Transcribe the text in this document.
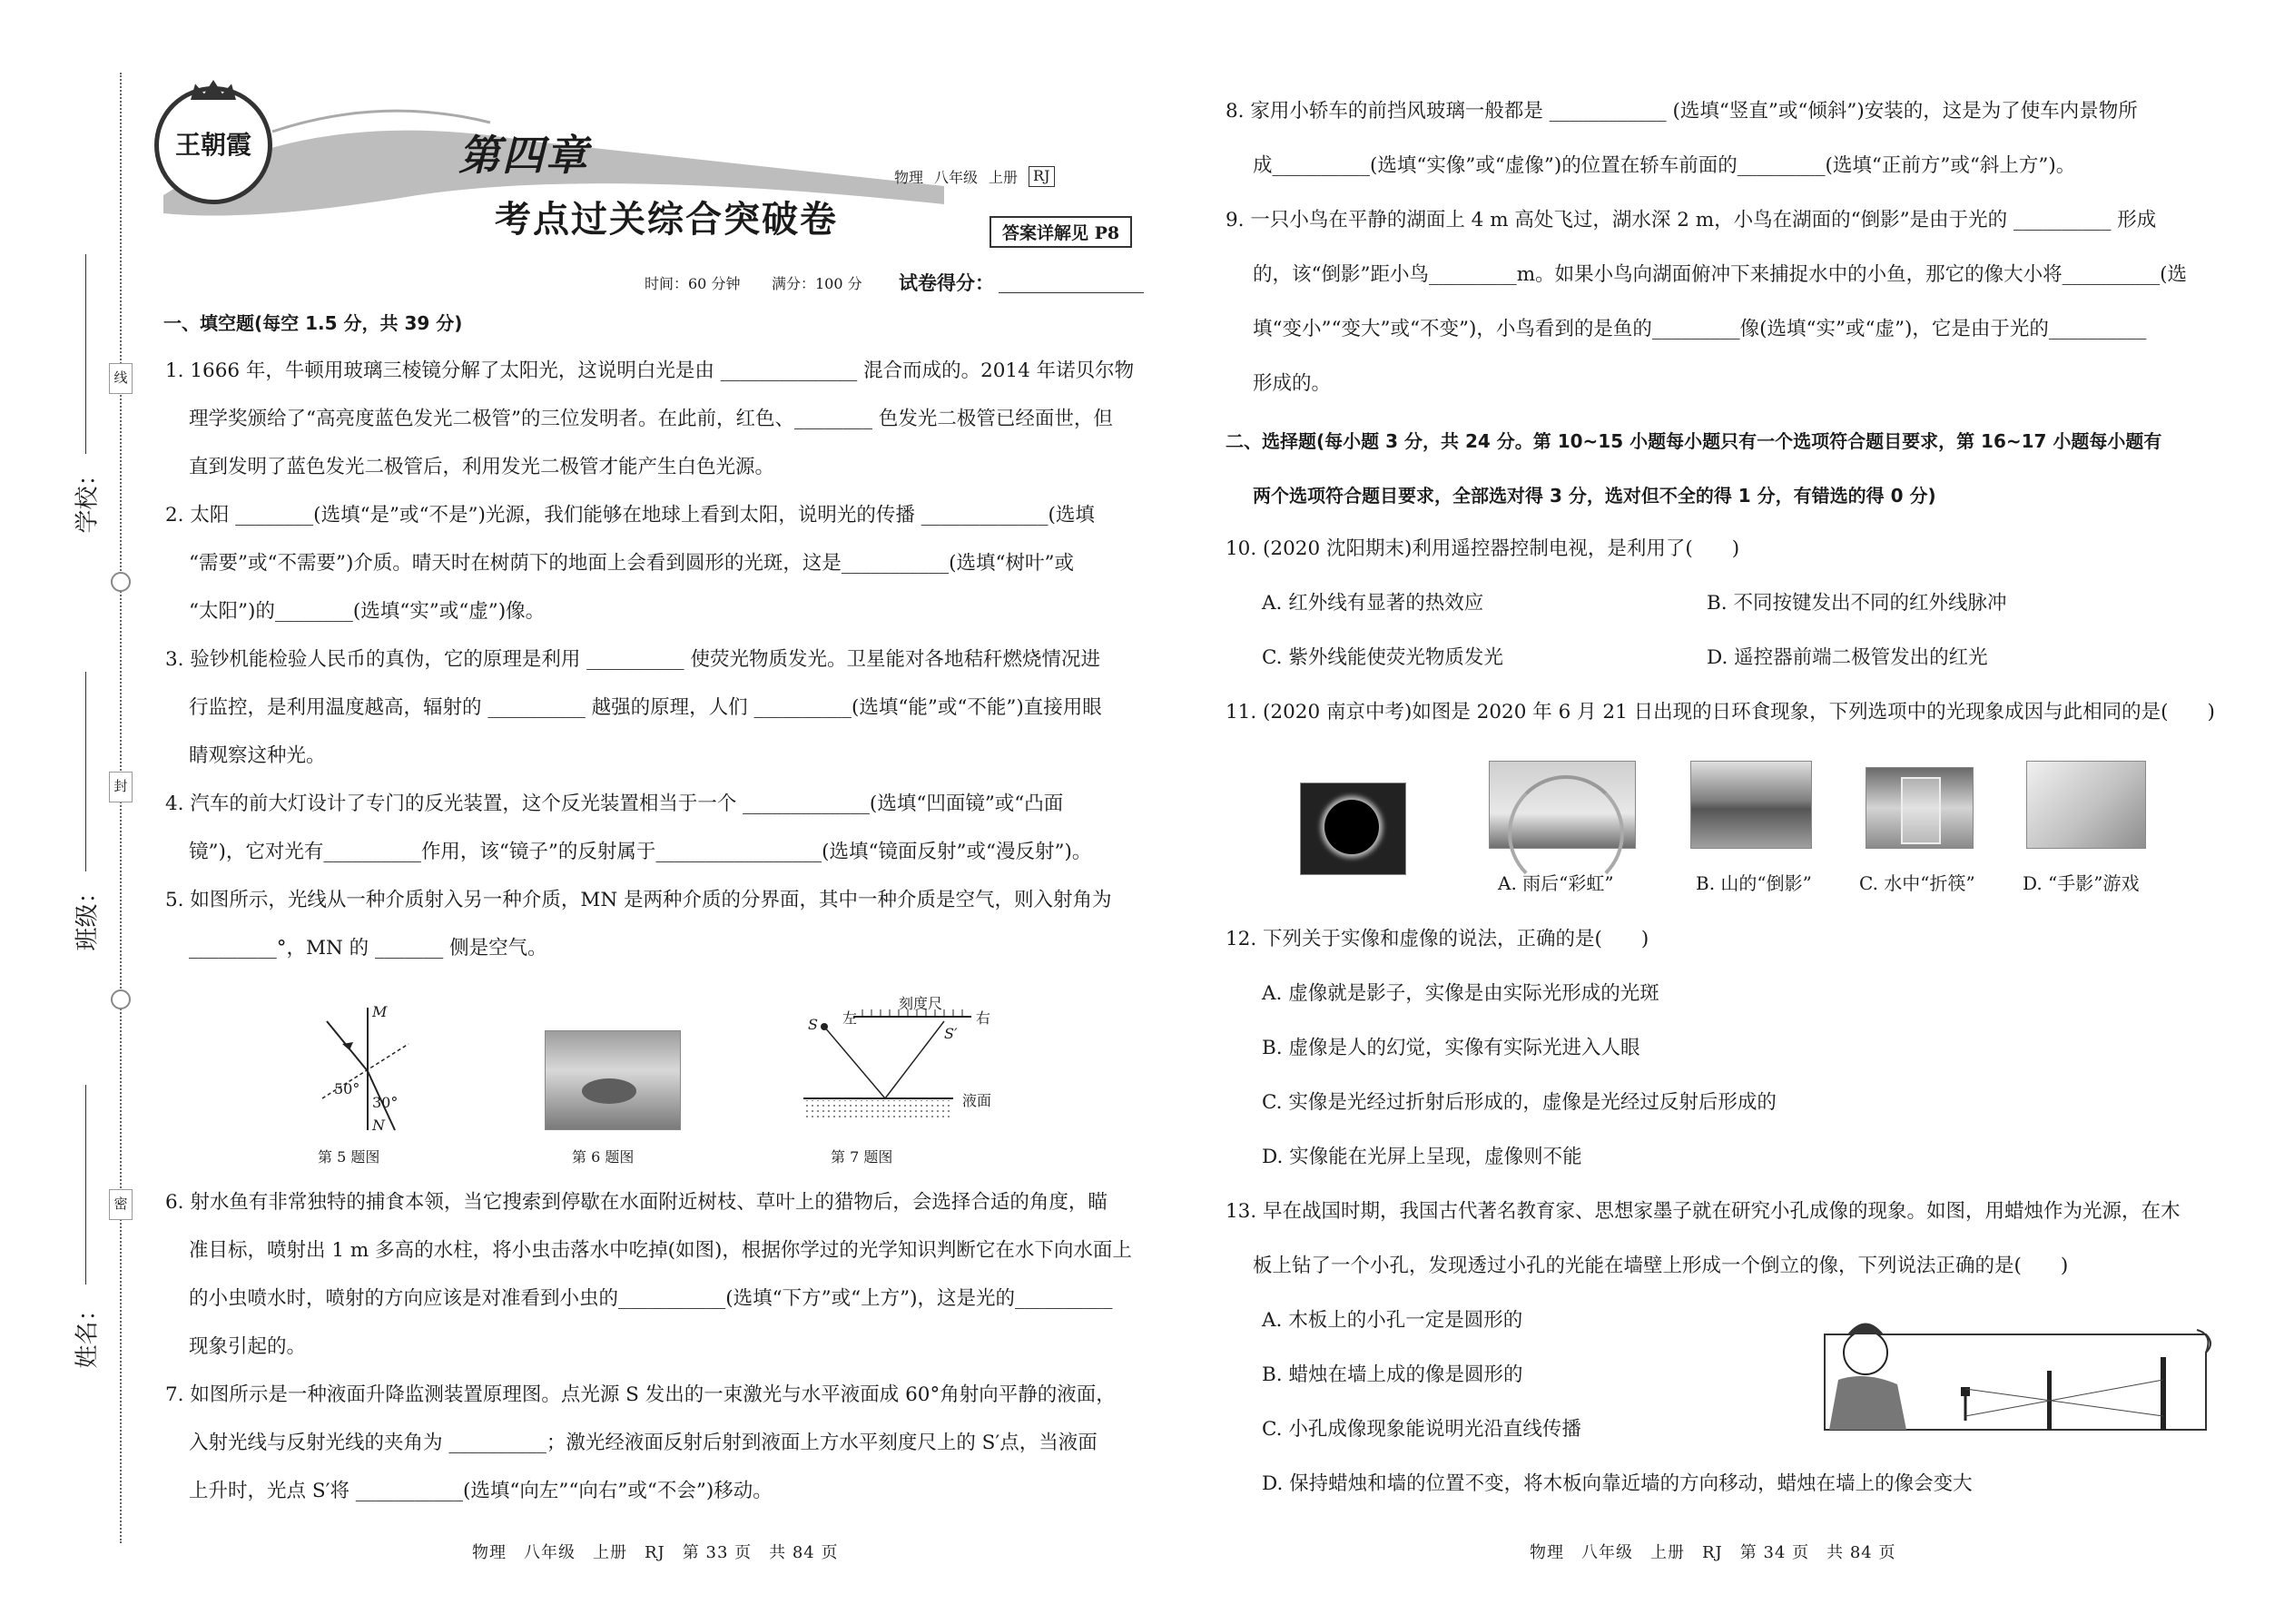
线
封
密
学校：
班级：
姓名：
王朝霞	第四章
考点过关综合突破卷
物理 八年级 上册	RJ
答案详解见 P8
时间：60 分钟 满分：100 分 试卷得分：
一、填空题(每空 1.5 分，共 39 分)
1. 1666 年，牛顿用玻璃三棱镜分解了太阳光，这说明白光是由 ______________ 混合而成的。2014 年诺贝尔物
理学奖颁给了“高亮度蓝色发光二极管”的三位发明者。在此前，红色、________ 色发光二极管已经面世，但
直到发明了蓝色发光二极管后，利用发光二极管才能产生白色光源。
2. 太阳 ________(选填“是”或“不是”)光源，我们能够在地球上看到太阳，说明光的传播 _____________(选填
“需要”或“不需要”)介质。晴天时在树荫下的地面上会看到圆形的光斑，这是___________(选填“树叶”或
“太阳”)的________(选填“实”或“虚”)像。
3. 验钞机能检验人民币的真伪，它的原理是利用 __________ 使荧光物质发光。卫星能对各地秸秆燃烧情况进
行监控，是利用温度越高，辐射的 __________ 越强的原理，人们 __________(选填“能”或“不能”)直接用眼
睛观察这种光。
4. 汽车的前大灯设计了专门的反光装置，这个反光装置相当于一个 _____________(选填“凹面镜”或“凸面
镜”)，它对光有__________作用，该“镜子”的反射属于_________________(选填“镜面反射”或“漫反射”)。
5. 如图所示，光线从一种介质射入另一种介质，MN 是两种介质的分界面，其中一种介质是空气，则入射角为
_________°，MN 的 _______ 侧是空气。
M
N
50°
30°
第 5 题图	第 6 题图
刻度尺
左	右
S
S′
液面
第 7 题图
6. 射水鱼有非常独特的捕食本领，当它搜索到停歇在水面附近树枝、草叶上的猎物后，会选择合适的角度，瞄
准目标，喷射出 1 m 多高的水柱，将小虫击落水中吃掉(如图)，根据你学过的光学知识判断它在水下向水面上
的小虫喷水时，喷射的方向应该是对准看到小虫的___________(选填“下方”或“上方”)，这是光的__________
现象引起的。
7. 如图所示是一种液面升降监测装置原理图。点光源 S 发出的一束激光与水平液面成 60°角射向平静的液面，
入射光线与反射光线的夹角为 __________；激光经液面反射后射到液面上方水平刻度尺上的 S′点，当液面
上升时，光点 S′将 ___________(选填“向左”“向右”或“不会”)移动。
物理　八年级　上册　RJ　第 33 页　共 84 页
8. 家用小轿车的前挡风玻璃一般都是 ____________ (选填“竖直”或“倾斜”)安装的，这是为了使车内景物所
成__________(选填“实像”或“虚像”)的位置在轿车前面的_________(选填“正前方”或“斜上方”)。
9. 一只小鸟在平静的湖面上 4 m 高处飞过，湖水深 2 m，小鸟在湖面的“倒影”是由于光的 __________ 形成
的，该“倒影”距小鸟_________m。如果小鸟向湖面俯冲下来捕捉水中的小鱼，那它的像大小将__________(选
填“变小”“变大”或“不变”)，小鸟看到的是鱼的_________像(选填“实”或“虚”)，它是由于光的__________
形成的。
二、选择题(每小题 3 分，共 24 分。第 10~15 小题每小题只有一个选项符合题目要求，第 16~17 小题每小题有
两个选项符合题目要求，全部选对得 3 分，选对但不全的得 1 分，有错选的得 0 分)
10. (2020 沈阳期末)利用遥控器控制电视，是利用了(　　)
A. 红外线有显著的热效应	B. 不同按键发出不同的红外线脉冲
C. 紫外线能使荧光物质发光	D. 遥控器前端二极管发出的红光
11. (2020 南京中考)如图是 2020 年 6 月 21 日出现的日环食现象，下列选项中的光现象成因与此相同的是(　　)
A. 雨后“彩虹”	B. 山的“倒影”	C. 水中“折筷”	D. “手影”游戏
12. 下列关于实像和虚像的说法，正确的是(　　)
A. 虚像就是影子，实像是由实际光形成的光斑
B. 虚像是人的幻觉，实像有实际光进入人眼
C. 实像是光经过折射后形成的，虚像是光经过反射后形成的
D. 实像能在光屏上呈现，虚像则不能
13. 早在战国时期，我国古代著名教育家、思想家墨子就在研究小孔成像的现象。如图，用蜡烛作为光源，在木
板上钻了一个小孔，发现透过小孔的光能在墙壁上形成一个倒立的像，下列说法正确的是(　　)
A. 木板上的小孔一定是圆形的
B. 蜡烛在墙上成的像是圆形的
C. 小孔成像现象能说明光沿直线传播
D. 保持蜡烛和墙的位置不变，将木板向靠近墙的方向移动，蜡烛在墙上的像会变大
物理　八年级　上册　RJ　第 34 页　共 84 页
